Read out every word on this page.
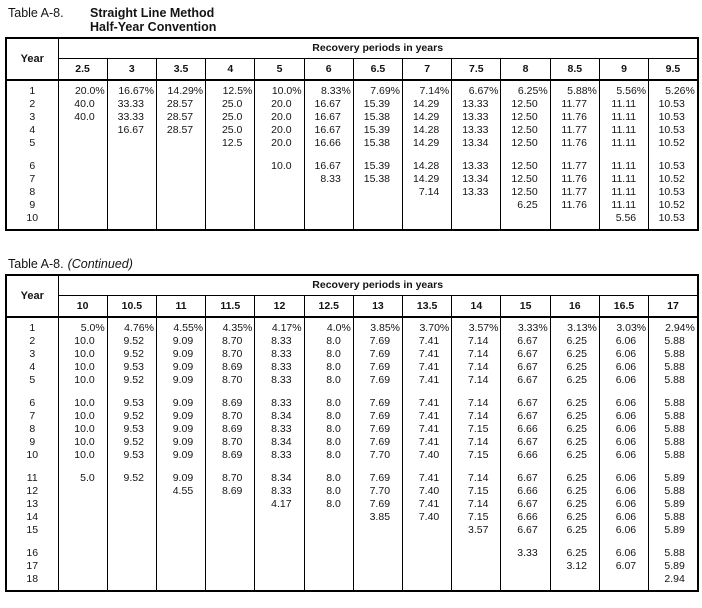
Table A-8.	Straight Line Method
Half-Year Convention
Year	Recovery periods in years												
	2.5	3	3.5	4	5	6	6.5	7	7.5	8	8.5	9	9.5
1	20.0%	16.67%	14.29%	12.5%	10.0%	8.33%	7.69%	7.14%	6.67%	6.25%	5.88%	5.56%	5.26%
2	40.0	33.33	28.57	25.0	20.0	16.67	15.39	14.29	13.33	12.50	11.77	11.11	10.53
3	40.0	33.33	28.57	25.0	20.0	16.67	15.38	14.29	13.33	12.50	11.76	11.11	10.53
4		16.67	28.57	25.0	20.0	16.67	15.39	14.28	13.33	12.50	11.77	11.11	10.53
5				12.5	20.0	16.66	15.38	14.29	13.34	12.50	11.76	11.11	10.52

6					10.0	16.67	15.39	14.28	13.33	12.50	11.77	11.11	10.53
7						8.33	15.38	14.29	13.34	12.50	11.76	11.11	10.52
8								7.14	13.33	12.50	11.77	11.11	10.53
9										6.25	11.76	11.11	10.52
10												5.56	10.53
Table A-8. (Continued)
Year	Recovery periods in years												
	10	10.5	11	11.5	12	12.5	13	13.5	14	15	16	16.5	17
1	5.0%	4.76%	4.55%	4.35%	4.17%	4.0%	3.85%	3.70%	3.57%	3.33%	3.13%	3.03%	2.94%
2	10.0	9.52	9.09	8.70	8.33	8.0	7.69	7.41	7.14	6.67	6.25	6.06	5.88
3	10.0	9.52	9.09	8.70	8.33	8.0	7.69	7.41	7.14	6.67	6.25	6.06	5.88
4	10.0	9.53	9.09	8.69	8.33	8.0	7.69	7.41	7.14	6.67	6.25	6.06	5.88
5	10.0	9.52	9.09	8.70	8.33	8.0	7.69	7.41	7.14	6.67	6.25	6.06	5.88

6	10.0	9.53	9.09	8.69	8.33	8.0	7.69	7.41	7.14	6.67	6.25	6.06	5.88
7	10.0	9.52	9.09	8.70	8.34	8.0	7.69	7.41	7.14	6.67	6.25	6.06	5.88
8	10.0	9.53	9.09	8.69	8.33	8.0	7.69	7.41	7.15	6.66	6.25	6.06	5.88
9	10.0	9.52	9.09	8.70	8.34	8.0	7.69	7.41	7.14	6.67	6.25	6.06	5.88
10	10.0	9.53	9.09	8.69	8.33	8.0	7.70	7.40	7.15	6.66	6.25	6.06	5.88

11	5.0	9.52	9.09	8.70	8.34	8.0	7.69	7.41	7.14	6.67	6.25	6.06	5.89
12			4.55	8.69	8.33	8.0	7.70	7.40	7.15	6.66	6.25	6.06	5.88
13					4.17	8.0	7.69	7.41	7.14	6.67	6.25	6.06	5.89
14							3.85	7.40	7.15	6.66	6.25	6.06	5.88
15									3.57	6.67	6.25	6.06	5.89

16										3.33	6.25	6.06	5.88
17											3.12	6.07	5.89
18													2.94
